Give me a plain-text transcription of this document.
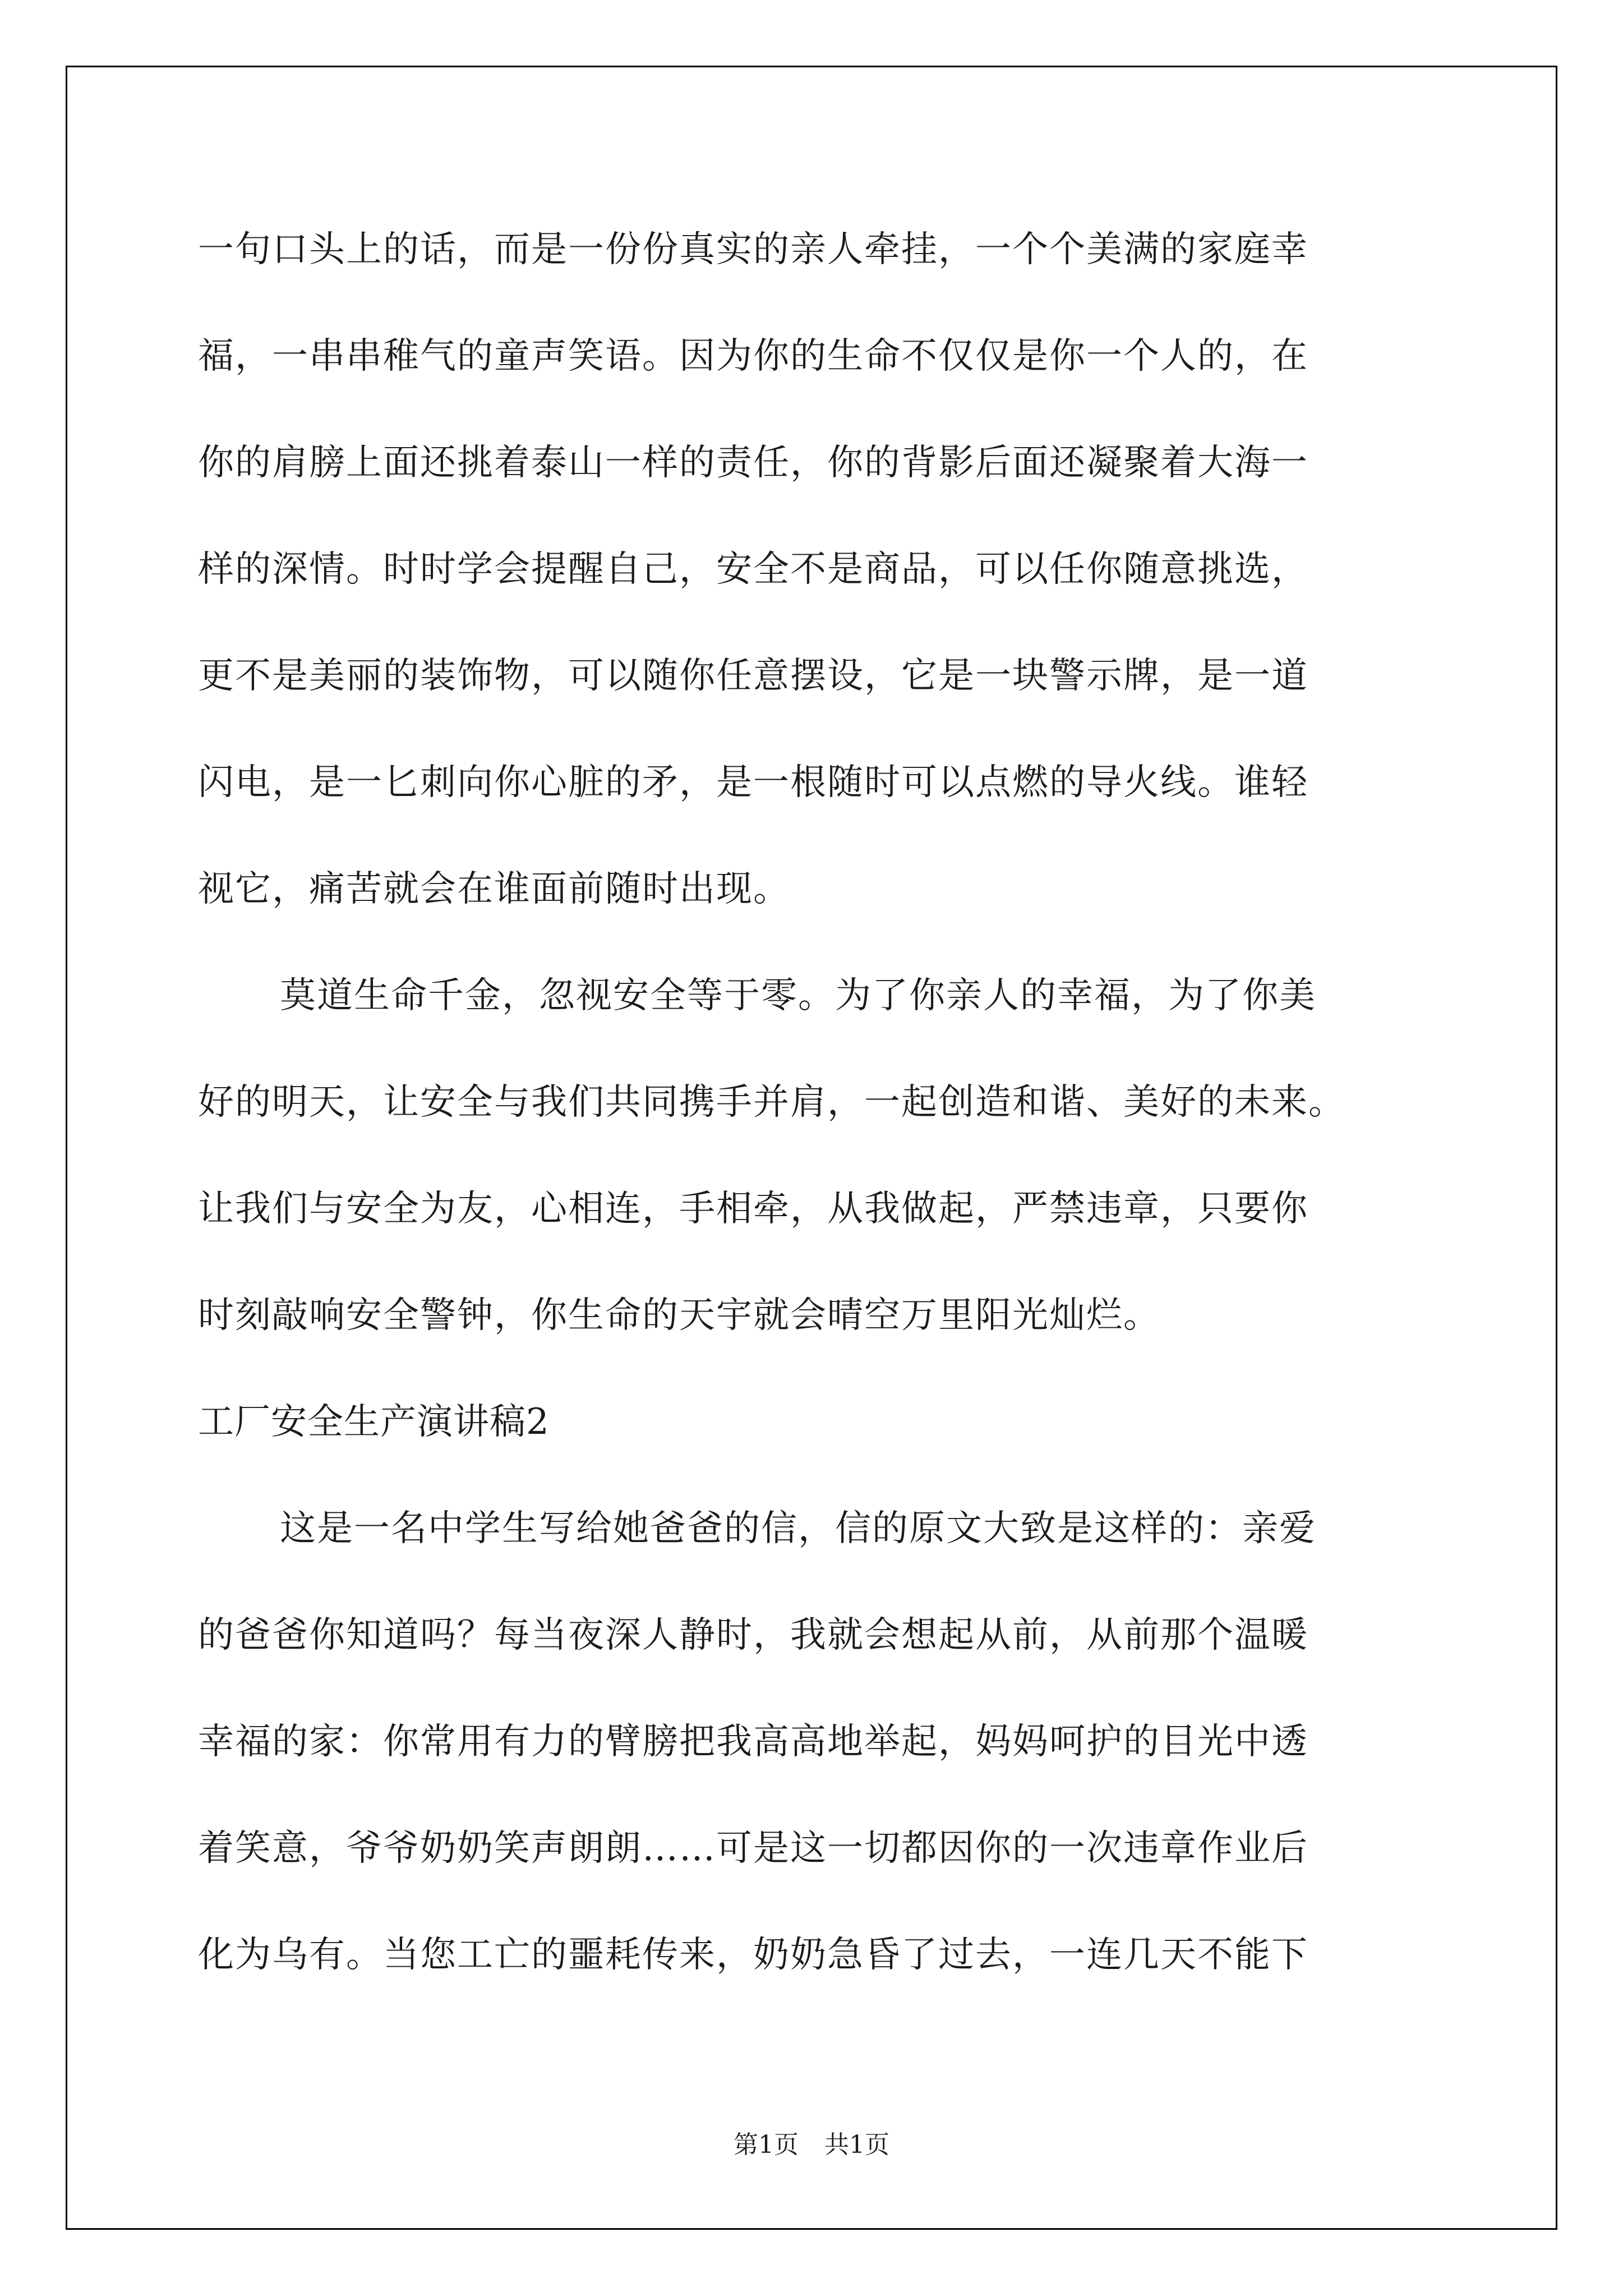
一句口头上的话，而是一份份真实的亲人牵挂，一个个美满的家庭幸
福，一串串稚气的童声笑语。因为你的生命不仅仅是你一个人的，在
你的肩膀上面还挑着泰山一样的责任，你的背影后面还凝聚着大海一
样的深情。时时学会提醒自己，安全不是商品，可以任你随意挑选，
更不是美丽的装饰物，可以随你任意摆设，它是一块警示牌，是一道
闪电，是一匕刺向你心脏的矛，是一根随时可以点燃的导火线。谁轻
视它，痛苦就会在谁面前随时出现。
莫道生命千金，忽视安全等于零。为了你亲人的幸福，为了你美
好的明天，让安全与我们共同携手并肩，一起创造和谐、美好的未来。
让我们与安全为友，心相连，手相牵，从我做起，严禁违章，只要你
时刻敲响安全警钟，你生命的天宇就会晴空万里阳光灿烂。
工厂安全生产演讲稿2
这是一名中学生写给她爸爸的信，信的原文大致是这样的：亲爱
的爸爸你知道吗？每当夜深人静时，我就会想起从前，从前那个温暖
幸福的家：你常用有力的臂膀把我高高地举起，妈妈呵护的目光中透
着笑意，爷爷奶奶笑声朗朗……可是这一切都因你的一次违章作业后
化为乌有。当您工亡的噩耗传来，奶奶急昏了过去，一连几天不能下
第1页 共1页
